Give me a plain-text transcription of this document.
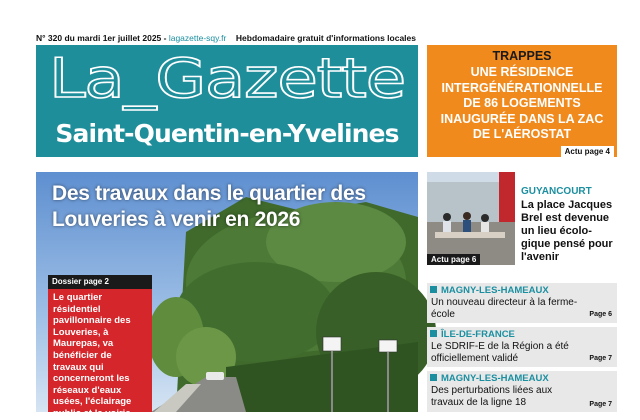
N° 320 du mardi 1er juillet 2025 - lagazette-sqy.fr Hebdomadaire gratuit d'informations locales
La_Gazette
Saint-Quentin-en-Yvelines
TRAPPES
UNE RÉSIDENCE INTERGÉNÉRATIONNELLE DE 86 LOGEMENTS INAUGURÉE DANS LA ZAC DE L'AÉROSTAT
Actu page 4
Des travaux dans le quartier des Louveries à venir en 2026
Dossier page 2
Le quartier résidentiel pavillonnaire des Louveries, à Maurepas, va bénéficier de travaux qui concerneront les réseaux d'eaux usées, l'éclairage public et la voirie.
Actu page 6
GUYANCOURT
La place Jacques Brel est devenue un lieu écolo-gique pensé pour l'avenir
MAGNY-LES-HAMEAUX
Un nouveau directeur à la ferme-école	Page 6
ÎLE-DE-FRANCE
Le SDRIF-E de la Région a été officiellement validé	Page 7
MAGNY-LES-HAMEAUX
Des perturbations liées aux travaux de la ligne 18	Page 7
